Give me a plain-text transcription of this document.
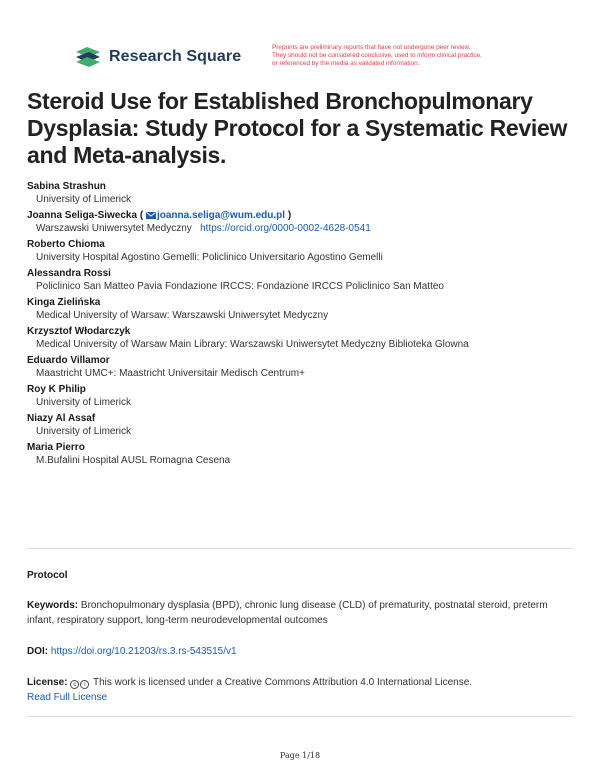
Research Square
Preprints are preliminary reports that have not undergone peer review.
They should not be considered conclusive, used to inform clinical practice,
or referenced by the media as validated information.
Steroid Use for Established Bronchopulmonary Dysplasia: Study Protocol for a Systematic Review and Meta-analysis.
Sabina Strashun
University of Limerick
Joanna Seliga-Siwecka ( joanna.seliga@wum.edu.pl )
Warszawski Uniwersytet Medyczny https://orcid.org/0000-0002-4628-0541
Roberto Chioma
University Hospital Agostino Gemelli: Policlinico Universitario Agostino Gemelli
Alessandra Rossi
Policlinico San Matteo Pavia Fondazione IRCCS: Fondazione IRCCS Policlinico San Matteo
Kinga Zielińska
Medical University of Warsaw: Warszawski Uniwersytet Medyczny
Krzysztof Włodarczyk
Medical University of Warsaw Main Library: Warszawski Uniwersytet Medyczny Biblioteka Glowna
Eduardo Villamor
Maastricht UMC+: Maastricht Universitair Medisch Centrum+
Roy K Philip
University of Limerick
Niazy Al Assaf
University of Limerick
Maria Pierro
M.Bufalini Hospital AUSL Romagna Cesena
Protocol
Keywords: Bronchopulmonary dysplasia (BPD), chronic lung disease (CLD) of prematurity, postnatal steroid, preterm infant, respiratory support, long-term neurodevelopmental outcomes
DOI: https://doi.org/10.21203/rs.3.rs-543515/v1
License: c i This work is licensed under a Creative Commons Attribution 4.0 International License.
Read Full License
Page 1/18
